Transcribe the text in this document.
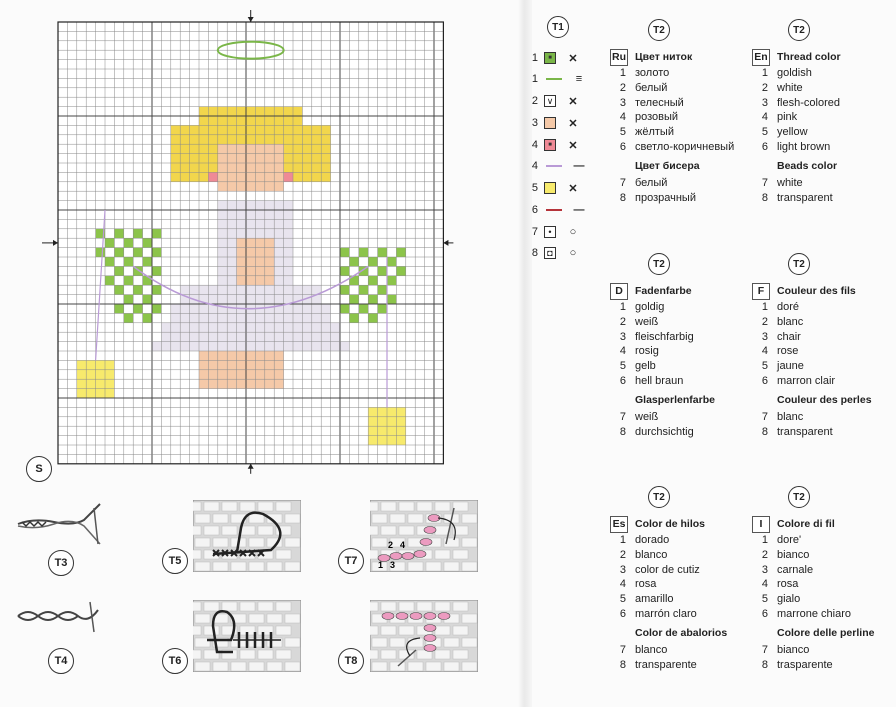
S
T3
T4
T5
T6
2 4
1 3
T7
T8
T1
1	■	✕
1	≡
2 ∨ ✕
3	✕
4	■	✕
4	—
5	✕
6	—
7	•	○
8	◘	○
T2	T2
T2	T2
T2	T2
Ru Цвет ниток
1 золото
2 белый
3 телесный
4 розовый
5 жёлтый
6 светло-коричневый
Цвет бисера
7 белый
8 прозрачный
En Thread color
1 goldish
2 white
3 flesh-colored
4 pink
5 yellow
6 light brown
Beads color
7 white
8 transparent
D	Fadenfarbe
1 goldig
2 weiß
3 fleischfarbig
4 rosig
5 gelb
6 hell braun
Glasperlenfarbe
7 weiß
8 durchsichtig
F	Couleur des fils
1 doré
2 blanc
3 chair
4 rose
5 jaune
6 marron clair
Couleur des perles
7 blanc
8 transparent
Es Color de hilos
1 dorado
2 blanco
3 color de cutiz
4 rosa
5 amarillo
6 marrón claro
Color de abalorios
7 blanco
8 transparente
I	Colore di fil
1 dore'
2 bianco
3 carnale
4 rosa
5 gialo
6 marrone chiaro
Colore delle perline
7 bianco
8 trasparente
